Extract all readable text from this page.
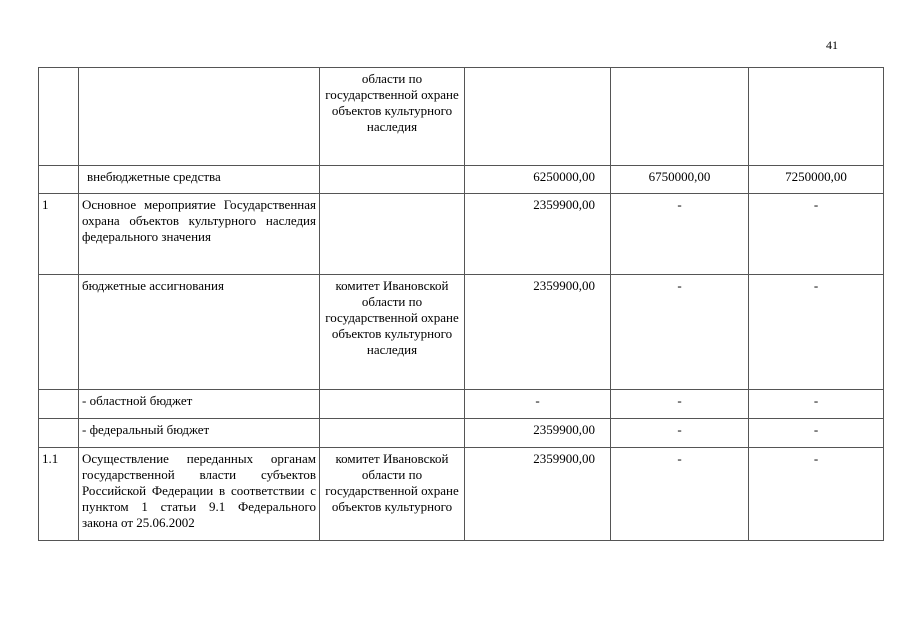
41
		области по государственной охране объектов культурного наследия	

	внебюджетные средства		6250000,00	6750000,00	7250000,00

1	Основное мероприятие Государственная охрана объектов культурного наследия федерального значения		2359900,00	-	-

	бюджетные ассигнования	комитет Ивановской области по государственной охране объектов культурного наследия	2359900,00	-	-

	- областной бюджет		-	-	-

	- федеральный бюджет		2359900,00	-	-

1.1	Осуществление переданных органам государственной власти субъектов Российской Федерации в соответствии с пунктом 1 статьи 9.1 Федерального закона от 25.06.2002	комитет Ивановской области по государственной охране объектов культурного	2359900,00	-	-
